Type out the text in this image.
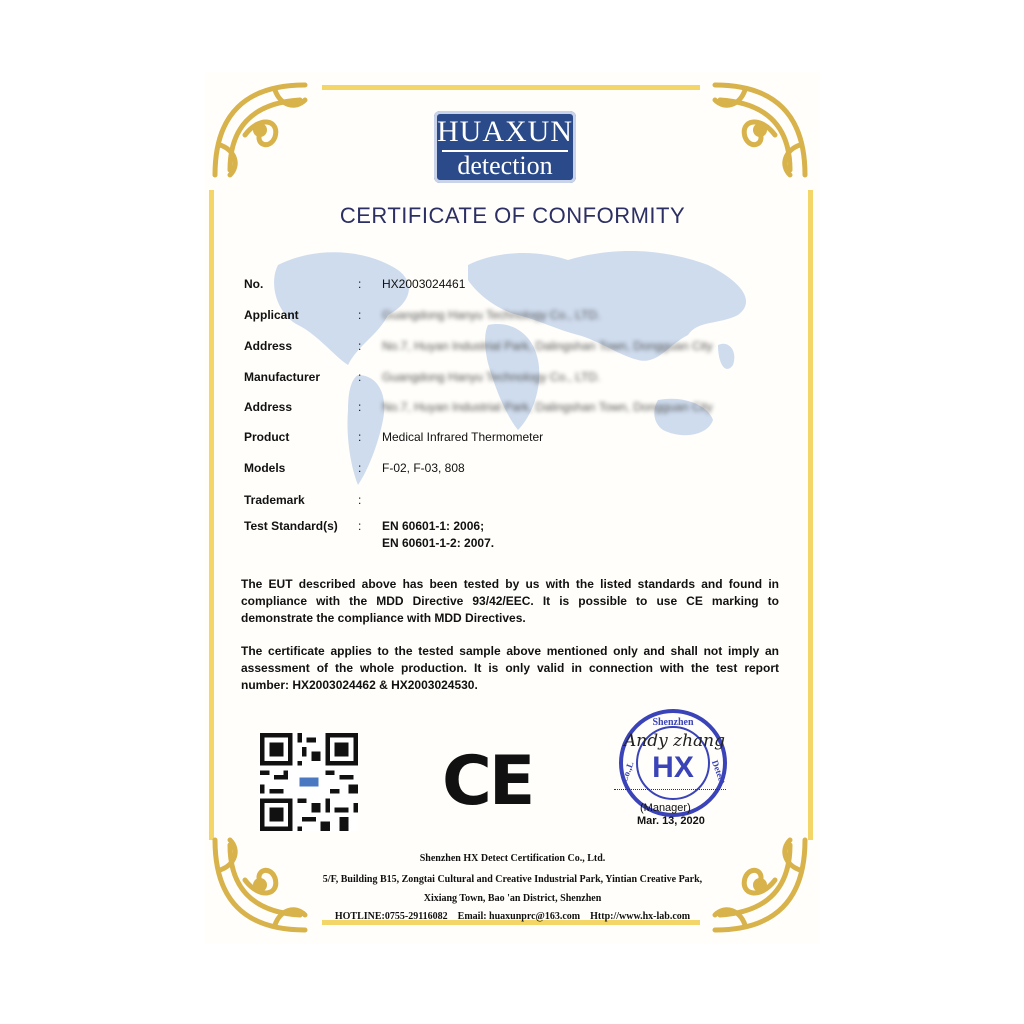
HUAXUN
detection
CERTIFICATE OF CONFORMITY
No.	: HX2003024461
Applicant	: Guangdong Hanyu Technology Co., LTD.
Address	: No.7, Huyan Industrial Park, Dalingshan Town, Dongguan City
Manufacturer	: Guangdong Hanyu Technology Co., LTD.
Address	: No.7, Huyan Industrial Park, Dalingshan Town, Dongguan City
Product	: Medical Infrared Thermometer
Models	: F-02, F-03, 808
Trademark	:
Test Standard(s)	: EN 60601-1: 2006;
EN 60601-1-2: 2007.
The EUT described above has been tested by us with the listed standards and found in compliance with the MDD Directive 93/42/EEC. It is possible to use CE marking to demonstrate the compliance with MDD Directives.
The certificate applies to the tested sample above mentioned only and shall not imply an assessment of the whole production. It is only valid in connection with the test report number: HX2003024462 & HX2003024530.
CE
Shenzhen
HX
Co.,L	Detect
Andy zhang
(Manager)
Mar. 13, 2020
Shenzhen HX Detect Certification Co., Ltd.
5/F, Building B15, Zongtai Cultural and Creative Industrial Park, Yintian Creative Park,
Xixiang Town, Bao 'an District, Shenzhen
HOTLINE:0755-29116082    Email: huaxunprc@163.com    Http://www.hx-lab.com
